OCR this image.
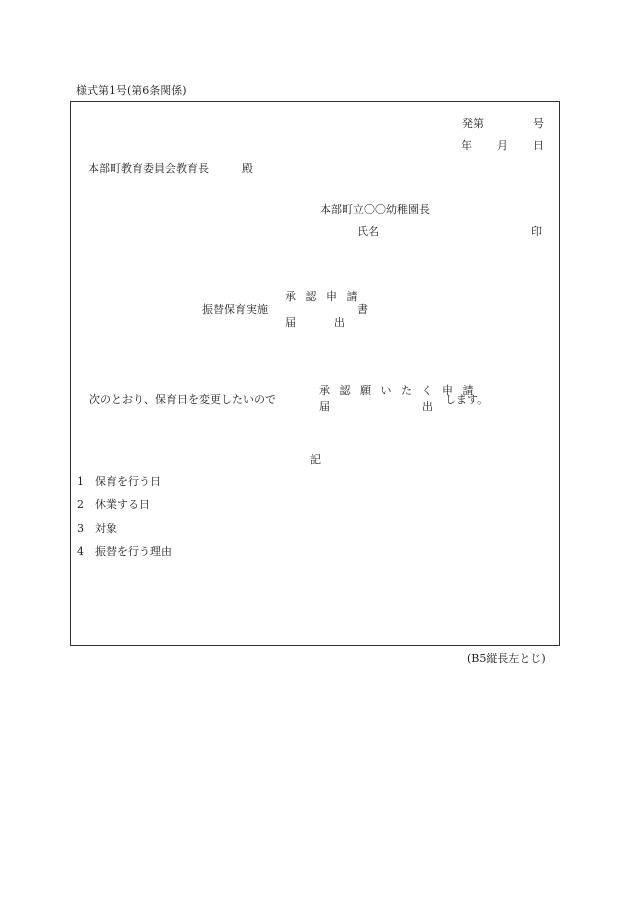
様式第1号(第6条関係)
発第	号
年 月 日
本部町教育委員会教育長	殿
本部町立〇〇幼稚園長
氏名	印
振替保育実施
承 認 申 請
届	出
書
次のとおり、保育日を変更したいので
承 認 願 い た く 申 請
届	出
します。
記
1 保育を行う日
2 休業する日
3 対象
4 振替を行う理由
(B5縦長左とじ)
